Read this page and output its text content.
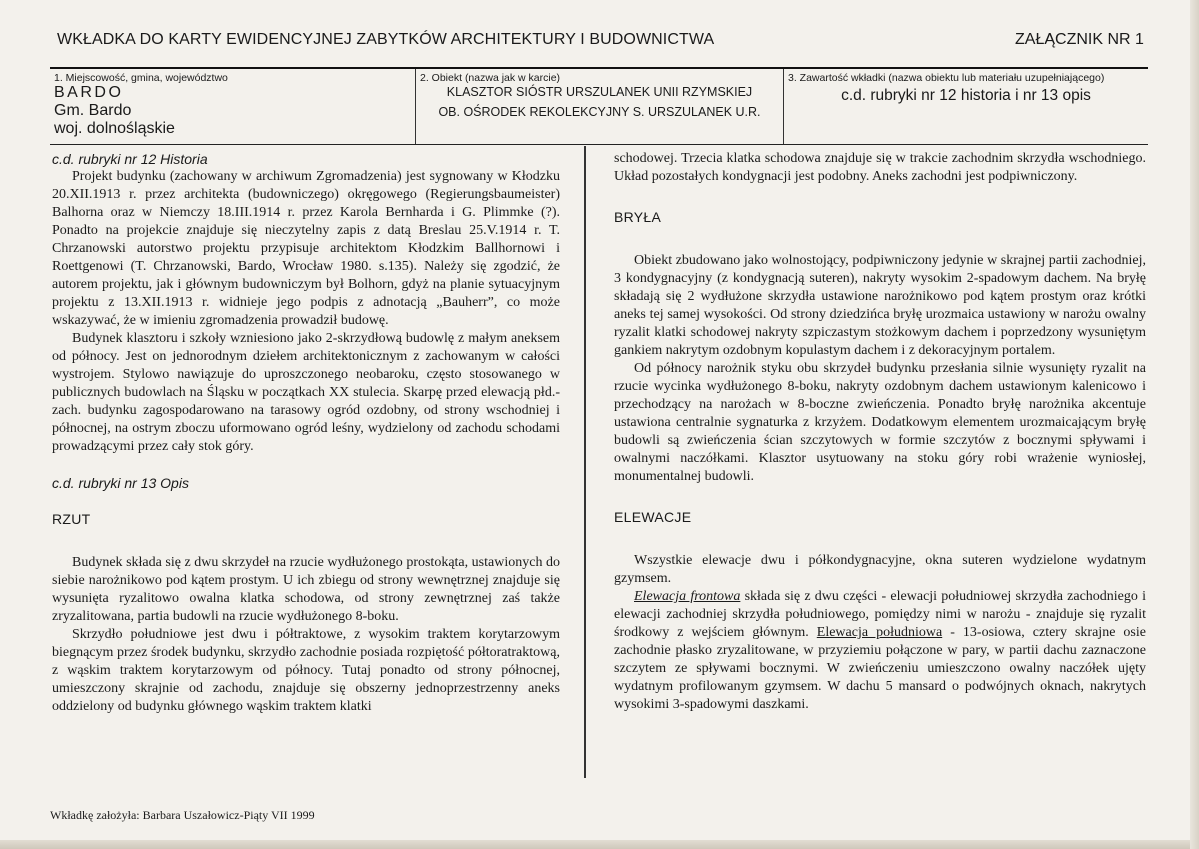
WKŁADKA DO KARTY EWIDENCYJNEJ ZABYTKÓW ARCHITEKTURY I BUDOWNICTWA	ZAŁĄCZNIK NR 1
1. Miejscowość, gmina, województwo
BARDO
Gm. Bardo
woj. dolnośląskie
2. Obiekt (nazwa jak w karcie)
KLASZTOR SIÓSTR URSZULANEK UNII RZYMSKIEJ
OB. OŚRODEK REKOLEKCYJNY S. URSZULANEK U.R.
3. Zawartość wkładki (nazwa obiektu lub materiału uzupełniającego)
c.d. rubryki nr 12 historia i nr 13 opis

c.d. rubryki nr 12 Historia

Projekt budynku (zachowany w archiwum Zgromadzenia) jest sygnowany w Kłodzku 20.XII.1913 r. przez architekta (budowniczego) okręgowego (Regierungsbaumeister) Balhorna oraz w Niemczy 18.III.1914 r. przez Karola Bernharda i G. Plimmke (?). Ponadto na projekcie znajduje się nieczytelny zapis z datą Breslau 25.V.1914 r. T. Chrzanowski autorstwo projektu przypisuje architektom Kłodzkim Ballhornowi i Roettgenowi (T. Chrzanowski, Bardo, Wrocław 1980. s.135). Należy się zgodzić, że autorem projektu, jak i głównym budowniczym był Bolhorn, gdyż na planie sytuacyjnym projektu z 13.XII.1913 r. widnieje jego podpis z adnotacją „Bauherr”, co może wskazywać, że w imieniu zgromadzenia prowadził budowę.

Budynek klasztoru i szkoły wzniesiono jako 2-skrzydłową budowlę z małym aneksem od północy. Jest on jednorodnym dziełem architektonicznym z zachowanym w całości wystrojem. Stylowo nawiązuje do uproszczonego neobaroku, często stosowanego w publicznych budowlach na Śląsku w początkach XX stulecia. Skarpę przed elewacją płd.-zach. budynku zagospodarowano na tarasowy ogród ozdobny, od strony wschodniej i północnej, na ostrym zboczu uformowano ogród leśny, wydzielony od zachodu schodami prowadzącymi przez cały stok góry.

c.d. rubryki nr 13 Opis

RZUT

Budynek składa się z dwu skrzydeł na rzucie wydłużonego prostokąta, ustawionych do siebie narożnikowo pod kątem prostym. U ich zbiegu od strony wewnętrznej znajduje się wysunięta ryzalitowo owalna klatka schodowa, od strony zewnętrznej zaś także zryzalitowana, partia budowli na rzucie wydłużonego 8-boku.

Skrzydło południowe jest dwu i półtraktowe, z wysokim traktem korytarzowym biegnącym przez środek budynku, skrzydło zachodnie posiada rozpiętość półtoratraktową, z wąskim traktem korytarzowym od północy. Tutaj ponadto od strony północnej, umieszczony skrajnie od zachodu, znajduje się obszerny jednoprzestrzenny aneks oddzielony od budynku głównego wąskim traktem klatki

schodowej. Trzecia klatka schodowa znajduje się w trakcie zachodnim skrzydła wschodniego. Układ pozostałych kondygnacji jest podobny. Aneks zachodni jest podpiwniczony.

BRYŁA

Obiekt zbudowano jako wolnostojący, podpiwniczony jedynie w skrajnej partii zachodniej, 3 kondygnacyjny (z kondygnacją suteren), nakryty wysokim 2-spadowym dachem. Na bryłę składają się 2 wydłużone skrzydła ustawione narożnikowo pod kątem prostym oraz krótki aneks tej samej wysokości. Od strony dziedzińca bryłę urozmaica ustawiony w narożu owalny ryzalit klatki schodowej nakryty szpiczastym stożkowym dachem i poprzedzony wysuniętym gankiem nakrytym ozdobnym kopulastym dachem i z dekoracyjnym portalem.

Od północy narożnik styku obu skrzydeł budynku przesłania silnie wysunięty ryzalit na rzucie wycinka wydłużonego 8-boku, nakryty ozdobnym dachem ustawionym kalenicowo i przechodzący na narożach w 8-boczne zwieńczenia. Ponadto bryłę narożnika akcentuje ustawiona centralnie sygnaturka z krzyżem. Dodatkowym elementem urozmaicającym bryłę budowli są zwieńczenia ścian szczytowych w formie szczytów z bocznymi spływami i owalnymi naczółkami. Klasztor usytuowany na stoku góry robi wrażenie wyniosłej, monumentalnej budowli.

ELEWACJE

Wszystkie elewacje dwu i półkondygnacyjne, okna suteren wydzielone wydatnym gzymsem.

Elewacja frontowa składa się z dwu części - elewacji południowej skrzydła zachodniego i elewacji zachodniej skrzydła południowego, pomiędzy nimi w narożu - znajduje się ryzalit środkowy z wejściem głównym. Elewacja południowa - 13-osiowa, cztery skrajne osie zachodnie płasko zryzalitowane, w przyziemiu połączone w pary, w partii dachu zaznaczone szczytem ze spływami bocznymi. W zwieńczeniu umieszczono owalny naczółek ujęty wydatnym profilowanym gzymsem. W dachu 5 mansard o podwójnych oknach, nakrytych wysokimi 3-spadowymi daszkami.

Wkładkę założyła: Barbara Uszałowicz-Piąty VII 1999
